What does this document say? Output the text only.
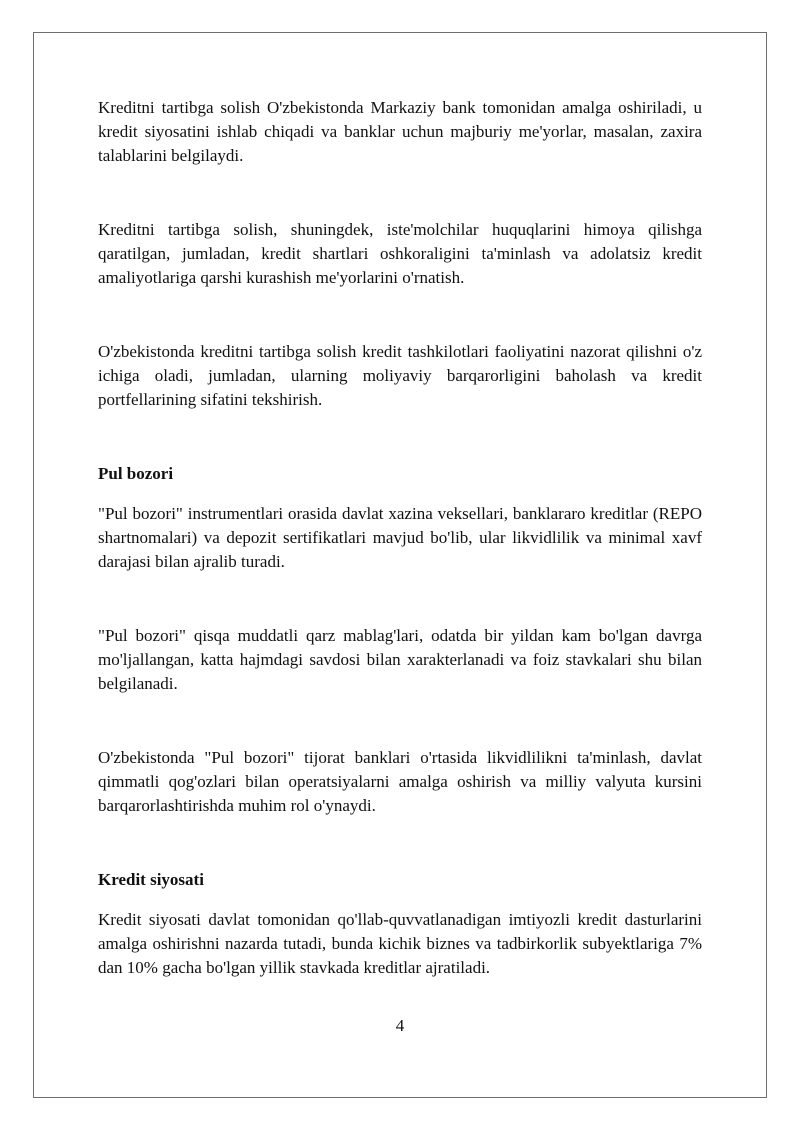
Kreditni tartibga solish O'zbekistonda Markaziy bank tomonidan amalga oshiriladi, u kredit siyosatini ishlab chiqadi va banklar uchun majburiy me'yorlar, masalan, zaxira talablarini belgilaydi.

Kreditni tartibga solish, shuningdek, iste'molchilar huquqlarini himoya qilishga qaratilgan, jumladan, kredit shartlari oshkoraligini ta'minlash va adolatsiz kredit amaliyotlariga qarshi kurashish me'yorlarini o'rnatish.

O'zbekistonda kreditni tartibga solish kredit tashkilotlari faoliyatini nazorat qilishni o'z ichiga oladi, jumladan, ularning moliyaviy barqarorligini baholash va kredit portfellarining sifatini tekshirish.

Pul bozori

"Pul bozori" instrumentlari orasida davlat xazina veksellari, banklararo kreditlar (REPO shartnomalari) va depozit sertifikatlari mavjud bo'lib, ular likvidlilik va minimal xavf darajasi bilan ajralib turadi.

"Pul bozori" qisqa muddatli qarz mablag'lari, odatda bir yildan kam bo'lgan davrga mo'ljallangan, katta hajmdagi savdosi bilan xarakterlanadi va foiz stavkalari shu bilan belgilanadi.

O'zbekistonda "Pul bozori" tijorat banklari o'rtasida likvidlilikni ta'minlash, davlat qimmatli qog'ozlari bilan operatsiyalarni amalga oshirish va milliy valyuta kursini barqarorlashtirishda muhim rol o'ynaydi.

Kredit siyosati

Kredit siyosati davlat tomonidan qo'llab-quvvatlanadigan imtiyozli kredit dasturlarini amalga oshirishni nazarda tutadi, bunda kichik biznes va tadbirkorlik subyektlariga 7% dan 10% gacha bo'lgan yillik stavkada kreditlar ajratiladi.

4
